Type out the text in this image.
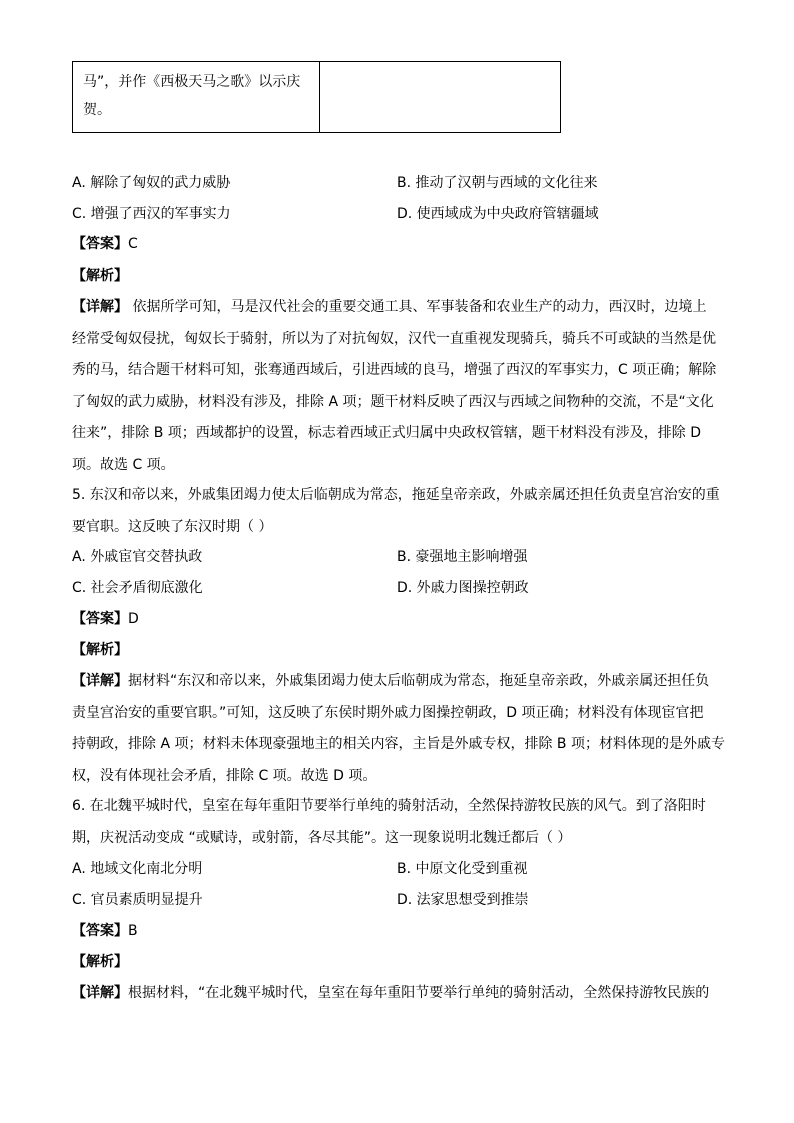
马”，并作《西极天马之歌》以示庆
贺。

A. 解除了匈奴的武力威胁	B. 推动了汉朝与西域的文化往来
C. 增强了西汉的军事实力	D. 使西域成为中央政府管辖疆域
【答案】C
【解析】
【详解】 依据所学可知，马是汉代社会的重要交通工具、军事装备和农业生产的动力，西汉时，边境上
经常受匈奴侵扰，匈奴长于骑射，所以为了对抗匈奴，汉代一直重视发现骑兵，骑兵不可或缺的当然是优
秀的马，结合题干材料可知，张骞通西域后，引进西域的良马，增强了西汉的军事实力，C 项正确；解除
了匈奴的武力威胁，材料没有涉及，排除 A 项；题干材料反映了西汉与西域之间物种的交流，不是“文化
往来”，排除 B 项；西域都护的设置，标志着西域正式归属中央政权管辖，题干材料没有涉及，排除 D
项。故选 C 项。
5. 东汉和帝以来，外戚集团竭力使太后临朝成为常态，拖延皇帝亲政，外戚亲属还担任负责皇宫治安的重
要官职。这反映了东汉时期（ ）
A. 外戚宦官交替执政	B. 豪强地主影响增强
C. 社会矛盾彻底激化	D. 外戚力图操控朝政
【答案】D
【解析】
【详解】据材料“东汉和帝以来，外戚集团竭力使太后临朝成为常态，拖延皇帝亲政，外戚亲属还担任负
责皇宫治安的重要官职。”可知，这反映了东侯时期外戚力图操控朝政，D 项正确；材料没有体现宦官把
持朝政，排除 A 项；材料未体现豪强地主的相关内容，主旨是外戚专权，排除 B 项；材料体现的是外戚专
权，没有体现社会矛盾，排除 C 项。故选 D 项。
6. 在北魏平城时代，皇室在每年重阳节要举行单纯的骑射活动，全然保持游牧民族的风气。到了洛阳时
期，庆祝活动变成 “或赋诗，或射箭，各尽其能”。这一现象说明北魏迁都后（ ）
A. 地域文化南北分明	B. 中原文化受到重视
C. 官员素质明显提升	D. 法家思想受到推崇
【答案】B
【解析】
【详解】根据材料，“在北魏平城时代，皇室在每年重阳节要举行单纯的骑射活动，全然保持游牧民族的
